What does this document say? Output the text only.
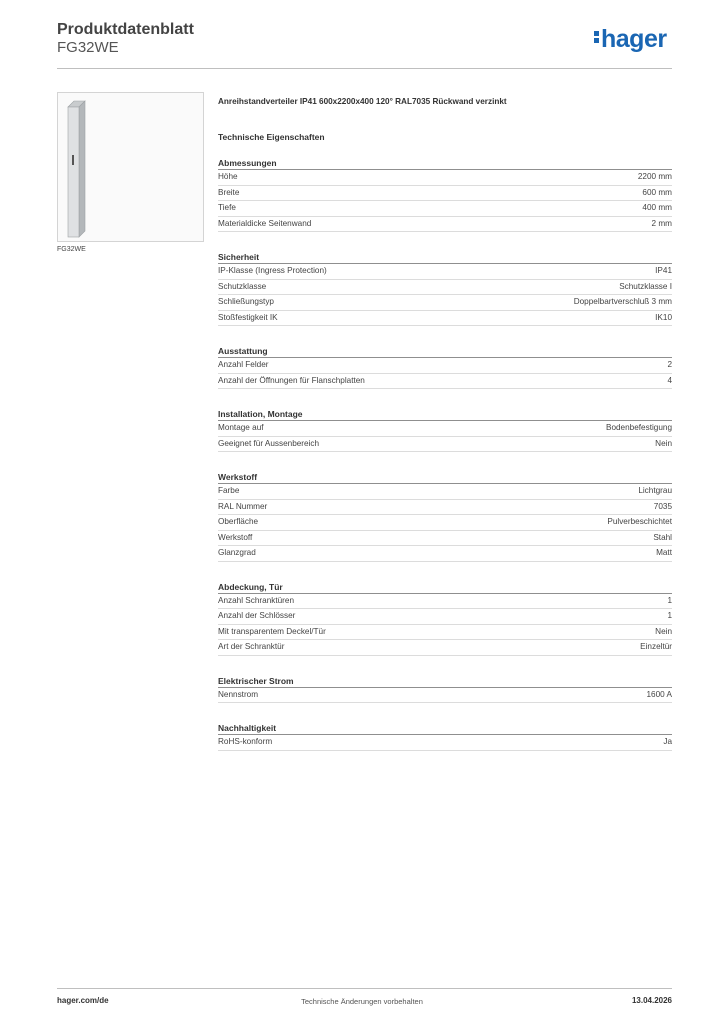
Produktdatenblatt
FG32WE	hager
FG32WE
Anreihstandverteiler IP41 600x2200x400 120° RAL7035 Rückwand verzinkt
Technische Eigenschaften
Abmessungen
Höhe	2200 mm
Breite	600 mm
Tiefe	400 mm
Materialdicke Seitenwand	2 mm
Sicherheit
IP-Klasse (Ingress Protection)	IP41
Schutzklasse	Schutzklasse I
Schließungstyp	Doppelbartverschluß 3 mm
Stoßfestigkeit IK	IK10
Ausstattung
Anzahl Felder	2
Anzahl der Öffnungen für Flanschplatten	4
Installation, Montage
Montage auf	Bodenbefestigung
Geeignet für Aussenbereich	Nein
Werkstoff
Farbe	Lichtgrau
RAL Nummer	7035
Oberfläche	Pulverbeschichtet
Werkstoff	Stahl
Glanzgrad	Matt
Abdeckung, Tür
Anzahl Schranktüren	1
Anzahl der Schlösser	1
Mit transparentem Deckel/Tür	Nein
Art der Schranktür	Einzeltür
Elektrischer Strom
Nennstrom	1600 A
Nachhaltigkeit
RoHS-konform	Ja
hager.com/de	Technische Änderungen vorbehalten	13.04.2026
